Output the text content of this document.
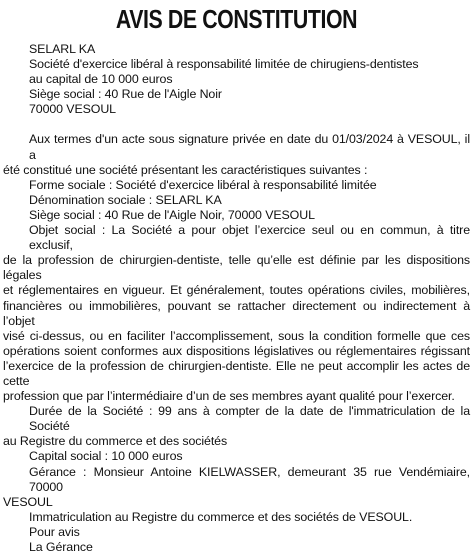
AVIS DE CONSTITUTION
SELARL KA
Société d'exercice libéral à responsabilité limitée de chirugiens-dentistes
au capital de 10 000 euros
Siège social : 40 Rue de l'Aigle Noir
70000 VESOUL
Aux termes d'un acte sous signature privée en date du 01/03/2024 à VESOUL, il a
été constitué une société présentant les caractéristiques suivantes :
Forme sociale : Société d'exercice libéral à responsabilité limitée
Dénomination sociale : SELARL KA
Siège social : 40 Rue de l'Aigle Noir, 70000 VESOUL
Objet social : La Société a pour objet l’exercice seul ou en commun, à titre exclusif,
de la profession de chirurgien-dentiste, telle qu’elle est définie par les dispositions légales
et réglementaires en vigueur. Et généralement, toutes opérations civiles, mobilières,
financières ou immobilières, pouvant se rattacher directement ou indirectement à l’objet
visé ci-dessus, ou en faciliter l’accomplissement, sous la condition formelle que ces
opérations soient conformes aux dispositions législatives ou réglementaires régissant
l’exercice de la profession de chirurgien-dentiste. Elle ne peut accomplir les actes de cette
profession que par l’intermédiaire d’un de ses membres ayant qualité pour l’exercer.
Durée de la Société : 99 ans à compter de la date de l'immatriculation de la Société
au Registre du commerce et des sociétés
Capital social : 10 000 euros
Gérance : Monsieur Antoine KIELWASSER, demeurant 35 rue Vendémiaire, 70000
VESOUL
Immatriculation au Registre du commerce et des sociétés de VESOUL.
Pour avis
La Gérance
